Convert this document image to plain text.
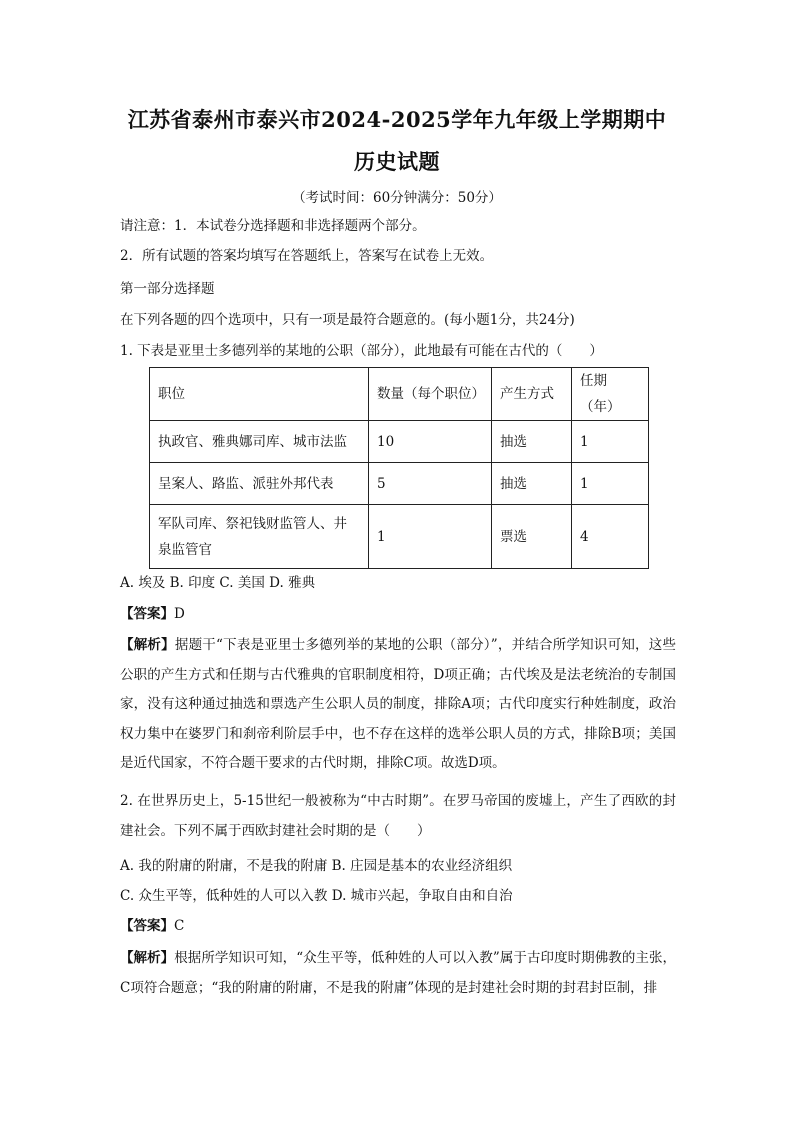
江苏省泰州市泰兴市2024-2025学年九年级上学期期中
历史试题
（考试时间：60分钟满分：50分）
请注意：1．本试卷分选择题和非选择题两个部分。
2．所有试题的答案均填写在答题纸上，答案写在试卷上无效。
第一部分选择题
在下列各题的四个选项中，只有一项是最符合题意的。(每小题1分，共24分)
1. 下表是亚里士多德列举的某地的公职（部分），此地最有可能在古代的（　　）
职位	数量（每个职位）	产生方式	任期（年）
执政官、雅典娜司库、城市法监	10	抽选	1
呈案人、路监、派驻外邦代表	5	抽选	1
军队司库、祭祀钱财监管人、井泉监管官	1	票选	4
A. 埃及 B. 印度 C. 美国 D. 雅典
【答案】D
【解析】据题干“下表是亚里士多德列举的某地的公职（部分）”，并结合所学知识可知，这些公职的产生方式和任期与古代雅典的官职制度相符，D项正确；古代埃及是法老统治的专制国家，没有这种通过抽选和票选产生公职人员的制度，排除A项；古代印度实行种姓制度，政治权力集中在婆罗门和刹帝利阶层手中，也不存在这样的选举公职人员的方式，排除B项；美国是近代国家，不符合题干要求的古代时期，排除C项。故选D项。
2. 在世界历史上，5-15世纪一般被称为“中古时期”。在罗马帝国的废墟上，产生了西欧的封建社会。下列不属于西欧封建社会时期的是（　　）
A. 我的附庸的附庸，不是我的附庸 B. 庄园是基本的农业经济组织
C. 众生平等，低种姓的人可以入教 D. 城市兴起，争取自由和自治
【答案】C
【解析】根据所学知识可知，“众生平等，低种姓的人可以入教”属于古印度时期佛教的主张，C项符合题意；“我的附庸的附庸，不是我的附庸”体现的是封建社会时期的封君封臣制，排
